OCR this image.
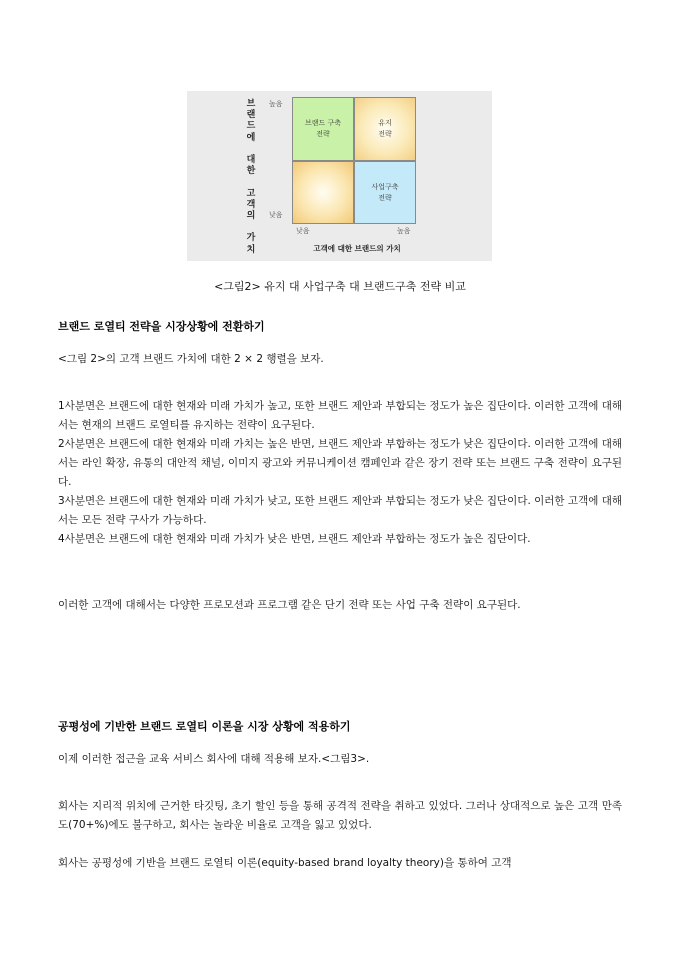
브
랜
드
에

대
한

고
객
의

가
치
높음
낮음
브랜드 구축
전략
유지
전략
사업구축
전략
낮음	높음
고객에 대한 브랜드의 가치
<그림2> 유지 대 사업구축 대 브랜드구축 전략 비교
브랜드 로열티 전략을 시장상황에 전환하기
<그림 2>의 고객 브랜드 가치에 대한 2 × 2 행렬을 보자.
1사분면은 브랜드에 대한 현재와 미래 가치가 높고, 또한 브랜드 제안과 부합되는 정도가 높은 집단이다. 이러한 고객에 대해서는 현재의 브랜드 로열티를 유지하는 전략이 요구된다.
2사분면은 브랜드에 대한 현재와 미래 가치는 높은 반면, 브랜드 제안과 부합하는 정도가 낮은 집단이다. 이러한 고객에 대해서는 라인 확장, 유통의 대안적 채널, 이미지 광고와 커뮤니케이션 캠페인과 같은 장기 전략 또는 브랜드 구축 전략이 요구된다.
3사분면은 브랜드에 대한 현재와 미래 가치가 낮고, 또한 브랜드 제안과 부합되는 정도가 낮은 집단이다. 이러한 고객에 대해서는 모든 전략 구사가 가능하다.
4사분면은 브랜드에 대한 현재와 미래 가치가 낮은 반면, 브랜드 제안과 부합하는 정도가 높은 집단이다.
이러한 고객에 대해서는 다양한 프로모션과 프로그램 같은 단기 전략 또는 사업 구축 전략이 요구된다.
공평성에 기반한 브랜드 로열티 이론을 시장 상황에 적용하기
이제 이러한 접근을 교육 서비스 회사에 대해 적용해 보자.<그림3>.
회사는 지리적 위치에 근거한 타깃팅, 초기 할인 등을 통해 공격적 전략을 취하고 있었다. 그러나 상대적으로 높은 고객 만족도(70+%)에도 불구하고, 회사는 놀라운 비율로 고객을 잃고 있었다.
회사는 공평성에 기반을 브랜드 로열티 이론(equity-based brand loyalty theory)을 통하여 고객
